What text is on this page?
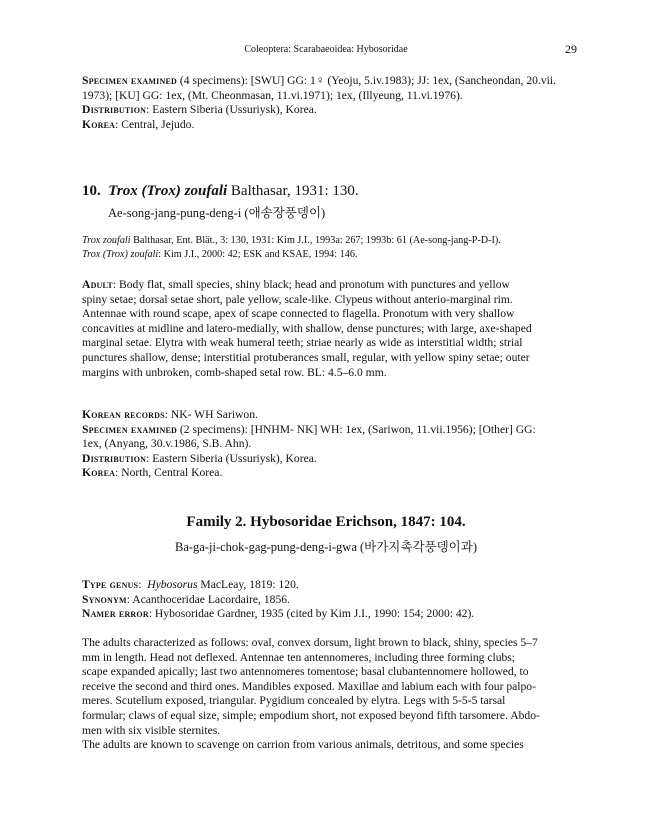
Coleoptera: Scarabaeoidea: Hybosoridae	29
Specimen examined (4 specimens): [SWU] GG: 1♀ (Yeoju, 5.iv.1983); JJ: 1ex, (Sancheondan, 20.vii.
1973); [KU] GG: 1ex, (Mt. Cheonmasan, 11.vi.1971); 1ex, (Illyeung, 11.vi.1976).
Distribution: Eastern Siberia (Ussuriysk), Korea.
Korea: Central, Jejudo.
10. Trox (Trox) zoufali Balthasar, 1931: 130.
Ae-song-jang-pung-deng-i (애송장풍뎅이)
Trox zoufali Balthasar, Ent. Blät., 3: 130, 1931: Kim J.I., 1993a: 267; 1993b: 61 (Ae-song-jang-P-D-I).
Trox (Trox) zoufali: Kim J.I., 2000: 42; ESK and KSAE, 1994: 146.
Adult: Body flat, small species, shiny black; head and pronotum with punctures and yellow
spiny setae; dorsal setae short, pale yellow, scale-like. Clypeus without anterio-marginal rim.
Antennae with round scape, apex of scape connected to flagella. Pronotum with very shallow
concavities at midline and latero-medially, with shallow, dense punctures; with large, axe-shaped
marginal setae. Elytra with weak humeral teeth; striae nearly as wide as interstitial width; strial
punctures shallow, dense; interstitial protuberances small, regular, with yellow spiny setae; outer
margins with unbroken, comb-shaped setal row. BL: 4.5–6.0 mm.
Korean records: NK- WH Sariwon.
Specimen examined (2 specimens): [HNHM- NK] WH: 1ex, (Sariwon, 11.vii.1956); [Other] GG:
1ex, (Anyang, 30.v.1986, S.B. Ahn).
Distribution: Eastern Siberia (Ussuriysk), Korea.
Korea: North, Central Korea.
Family 2. Hybosoridae Erichson, 1847: 104.
Ba-ga-ji-chok-gag-pung-deng-i-gwa (바가지촉각풍뎅이과)
Type genus:  Hybosorus MacLeay, 1819: 120.
Synonym: Acanthoceridae Lacordaire, 1856.
Namer error: Hybosoridae Gardner, 1935 (cited by Kim J.I., 1990: 154; 2000: 42).
The adults characterized as follows: oval, convex dorsum, light brown to black, shiny, species 5–7
mm in length. Head not deflexed. Antennae ten antennomeres, including three forming clubs;
scape expanded apically; last two antennomeres tomentose; basal clubantennomere hollowed, to
receive the second and third ones. Mandibles exposed. Maxillae and labium each with four palpo-
meres. Scutellum exposed, triangular. Pygidium concealed by elytra. Legs with 5-5-5 tarsal
formular; claws of equal size, simple; empodium short, not exposed beyond fifth tarsomere. Abdo-
men with six visible sternites.
The adults are known to scavenge on carrion from various animals, detritous, and some species
